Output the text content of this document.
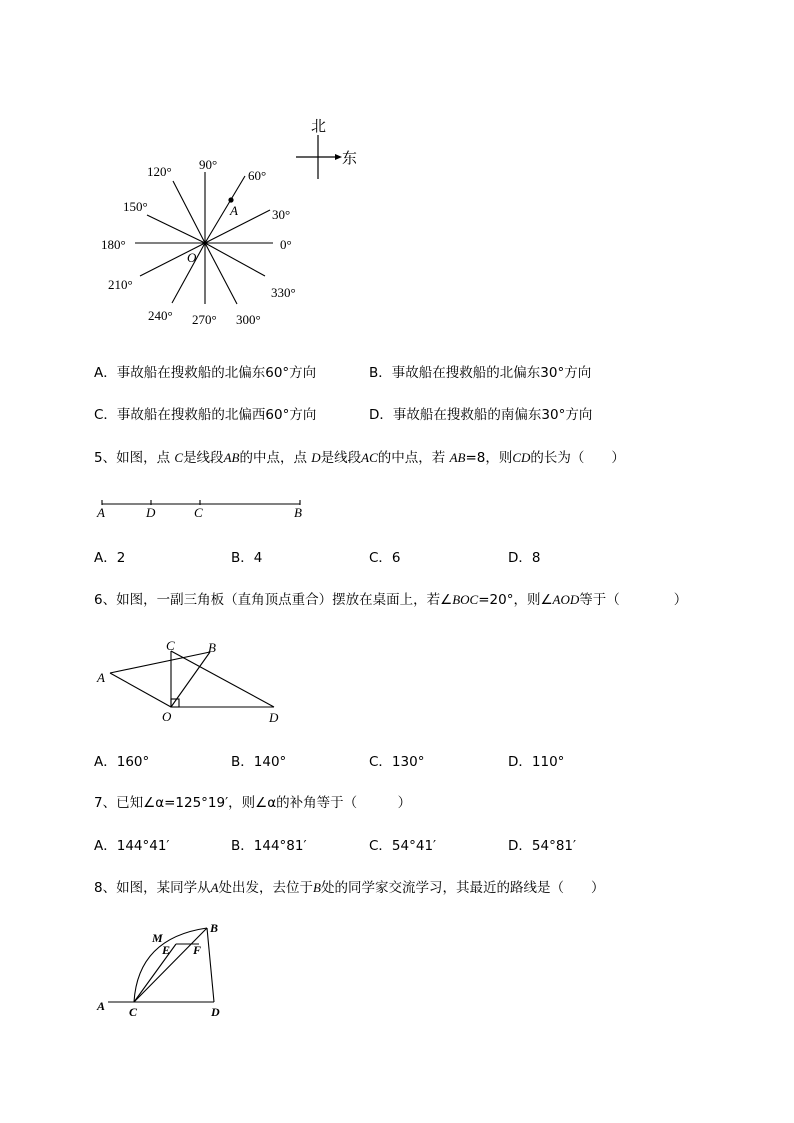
北
东
120° 90°
60°
150°
30°
180°	0°
210°
330°
240° 270° 300°
A
O
A．事故船在搜救船的北偏东60°方向	B．事故船在搜救船的北偏东30°方向
C．事故船在搜救船的北偏西60°方向	D．事故船在搜救船的南偏东30°方向
5、如图，点 C是线段AB的中点，点 D是线段AC的中点，若 AB=8，则CD的长为（　　）
A	D	C	B
A．2	B．4	C．6	D．8
6、如图，一副三角板（直角顶点重合）摆放在桌面上，若∠BOC=20°，则∠AOD等于（　　　　）
C	B
A
O	D
A．160°	B．140°	C．130°	D．110°
7、已知∠α=125°19′，则∠α的补角等于（　　　）
A．144°41′	B．144°81′	C．54°41′	D．54°81′
8、如图，某同学从A处出发，去位于B处的同学家交流学习，其最近的路线是（　　）
M
B
E F
A C	D
